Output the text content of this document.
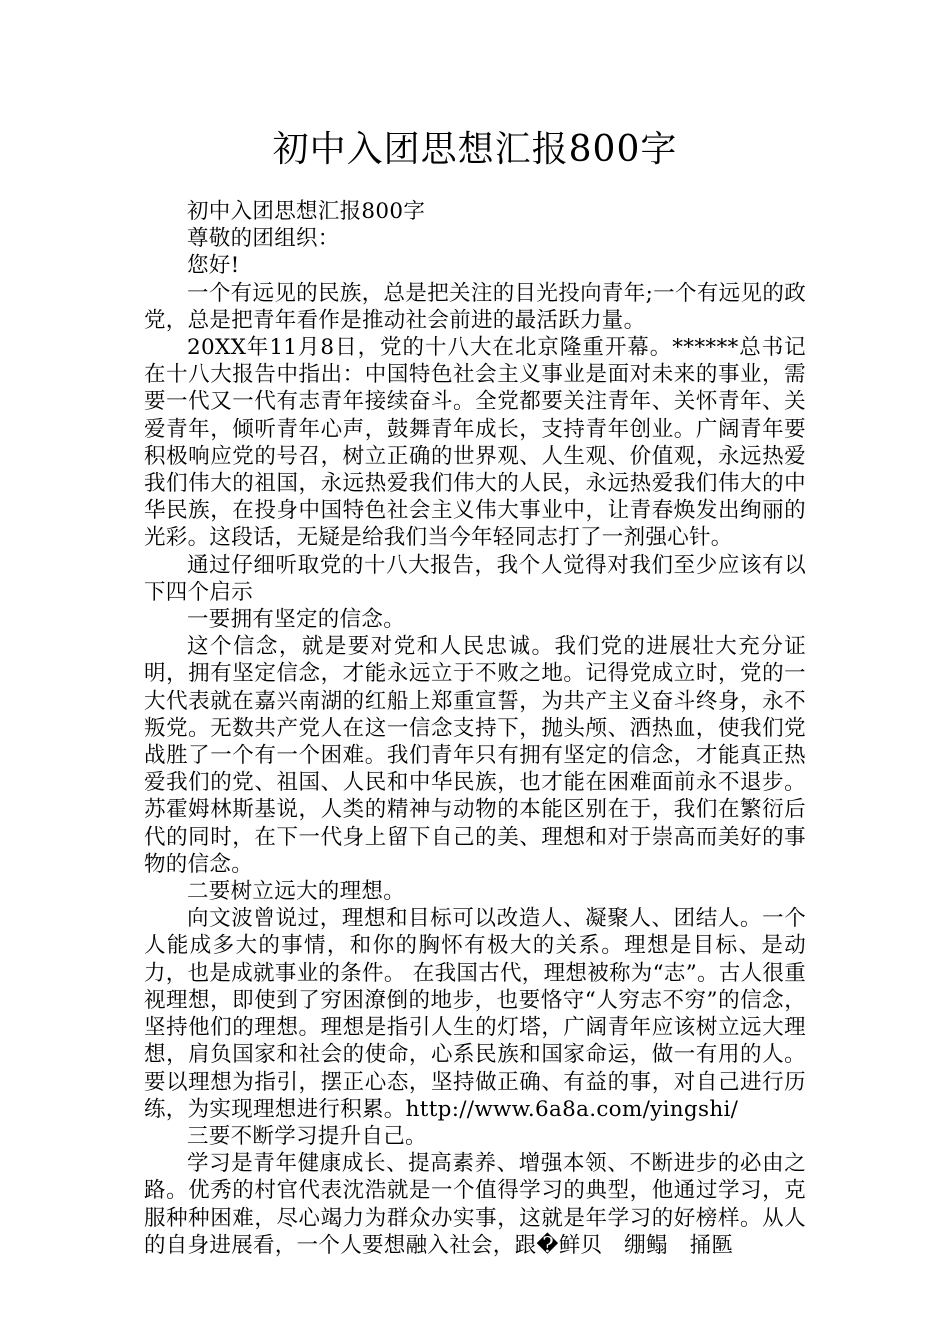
初中入团思想汇报800字

初中入团思想汇报800字

尊敬的团组织：

您好!

一个有远见的民族，总是把关注的目光投向青年;一个有远见的政党，总是把青年看作是推动社会前进的最活跃力量。

20XX年11月8日，党的十八大在北京隆重开幕。******总书记在十八大报告中指出：中国特色社会主义事业是面对未来的事业，需要一代又一代有志青年接续奋斗。全党都要关注青年、关怀青年、关爱青年，倾听青年心声，鼓舞青年成长，支持青年创业。广阔青年要积极响应党的号召，树立正确的世界观、人生观、价值观，永远热爱我们伟大的祖国，永远热爱我们伟大的人民，永远热爱我们伟大的中华民族，在投身中国特色社会主义伟大事业中，让青春焕发出绚丽的光彩。这段话，无疑是给我们当今年轻同志打了一剂强心针。

通过仔细听取党的十八大报告，我个人觉得对我们至少应该有以下四个启示

一要拥有坚定的信念。

这个信念，就是要对党和人民忠诚。我们党的进展壮大充分证明，拥有坚定信念，才能永远立于不败之地。记得党成立时，党的一大代表就在嘉兴南湖的红船上郑重宣誓，为共产主义奋斗终身，永不叛党。无数共产党人在这一信念支持下，抛头颅、洒热血，使我们党战胜了一个有一个困难。我们青年只有拥有坚定的信念，才能真正热爱我们的党、祖国、人民和中华民族，也才能在困难面前永不退步。苏霍姆林斯基说，人类的精神与动物的本能区别在于，我们在繁衍后代的同时，在下一代身上留下自己的美、理想和对于崇高而美好的事物的信念。

二要树立远大的理想。

向文波曾说过，理想和目标可以改造人、凝聚人、团结人。一个人能成多大的事情，和你的胸怀有极大的关系。理想是目标、是动力，也是成就事业的条件。 在我国古代，理想被称为“志”。古人很重视理想，即使到了穷困潦倒的地步，也要恪守“人穷志不穷”的信念，坚持他们的理想。理想是指引人生的灯塔，广阔青年应该树立远大理想，肩负国家和社会的使命，心系民族和国家命运，做一有用的人。要以理想为指引，摆正心态，坚持做正确、有益的事，对自己进行历练，为实现理想进行积累。http://www.6a8a.com/yingshi/

三要不断学习提升自己。

学习是青年健康成长、提高素养、增强本领、不断进步的必由之路。优秀的村官代表沈浩就是一个值得学习的典型，他通过学习，克服种种困难，尽心竭力为群众办实事，这就是年学习的好榜样。从人的自身进展看，一个人要想融入社会，跟�鲜贝　绷鳎　捅匦
